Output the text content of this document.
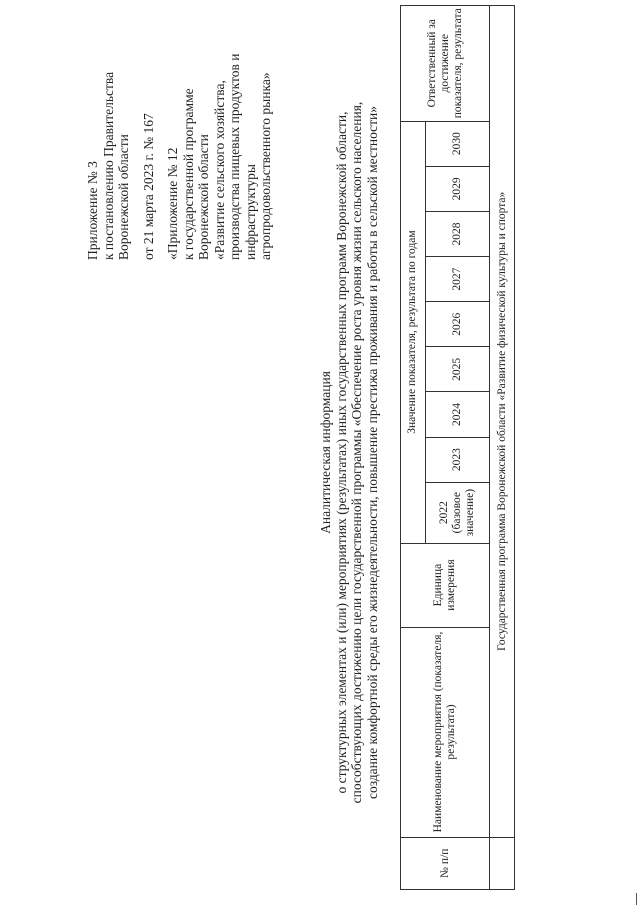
Приложение № 3 к постановлению Правительства Воронежской области от 21 марта 2023 г. № 167 «Приложение № 12 к государственной программе Воронежской области «Развитие сельского хозяйства, производства пищевых продуктов и инфраструктуры агропродовольственного рынка»
Аналитическая информация о структурных элементах и (или) мероприятиях (результатах) иных государственных программ Воронежской области, способствующих достижению цели государственной программы «Обеспечение роста уровня жизни сельского населения, создание комфортной среды его жизнедеятельности, повышение престижа проживания и работы в сельской местности»
№ п/п	Наименование мероприятия (показателя, результата)	Единица измерения	Значение показателя, результата по годам									Ответственный за достижение показателя, результата
			2022 (базовое значение)	2023	2024	2025	2026	2027	2028	2029	2030	
	Государственная программа Воронежской области «Развитие физической культуры и спорта»											
